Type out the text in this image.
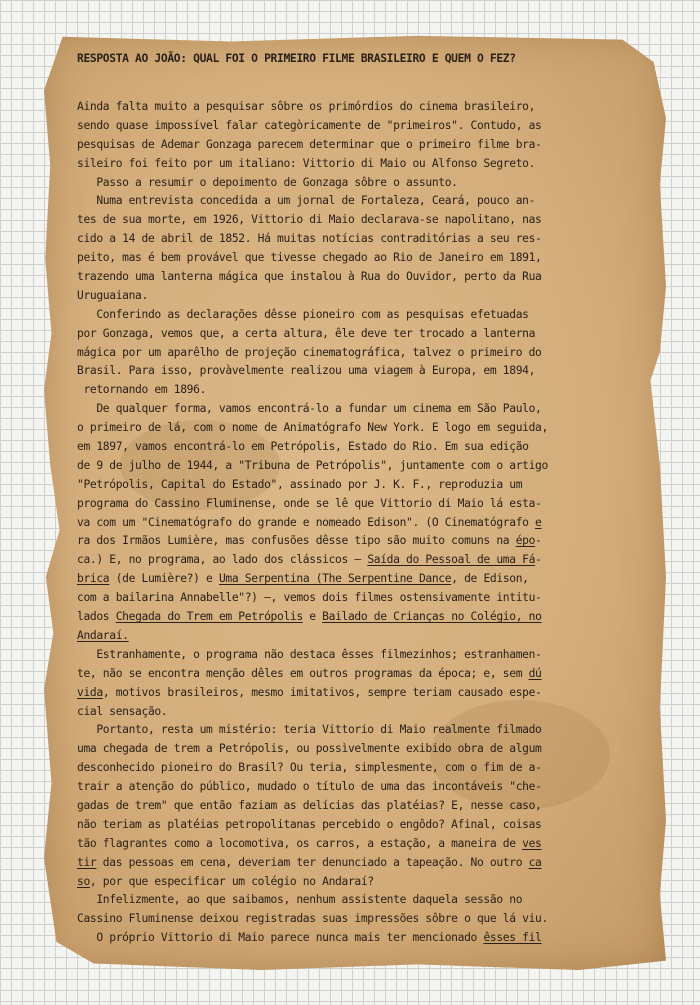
RESPOSTA AO JOÃO: QUAL FOI O PRIMEIRO FILME BRASILEIRO E QUEM O FEZ?

Ainda falta muito a pesquisar sôbre os primórdios do cinema brasileiro,
sendo quase impossível falar categòricamente de "primeiros". Contudo, as
pesquisas de Ademar Gonzaga parecem determinar que o primeiro filme bra-
sileiro foi feito por um italiano: Vittorio di Maio ou Alfonso Segreto.
Passo a resumir o depoimento de Gonzaga sôbre o assunto.
Numa entrevista concedida a um jornal de Fortaleza, Ceará, pouco an-
tes de sua morte, em 1926, Vittorio di Maio declarava-se napolitano, nas
cido a 14 de abril de 1852. Há muitas notícias contraditórias a seu res-
peito, mas é bem provável que tivesse chegado ao Rio de Janeiro em 1891,
trazendo uma lanterna mágica que instalou à Rua do Ouvidor, perto da Rua
Uruguaiana.
Conferindo as declarações dêsse pioneiro com as pesquisas efetuadas
por Gonzaga, vemos que, a certa altura, êle deve ter trocado a lanterna
mágica por um aparêlho de projeção cinematográfica, talvez o primeiro do
Brasil. Para isso, provàvelmente realizou uma viagem à Europa, em 1894,
retornando em 1896.
De qualquer forma, vamos encontrá-lo a fundar um cinema em São Paulo,
o primeiro de lá, com o nome de Animatógrafo New York. E logo em seguida,
em 1897, vamos encontrá-lo em Petrópolis, Estado do Rio. Em sua edição
de 9 de julho de 1944, a "Tribuna de Petrópolis", juntamente com o artigo
"Petrópolis, Capital do Estado", assinado por J. K. F., reproduzia um
programa do Cassino Fluminense, onde se lê que Vittorio di Maio lá esta-
va com um "Cinematógrafo do grande e nomeado Edison". (O Cinematógrafo e
ra dos Irmãos Lumière, mas confusões dêsse tipo são muito comuns na épo-
ca.) E, no programa, ao lado dos clássicos — Saída do Pessoal de uma Fá-
brica (de Lumière?) e Uma Serpentina (The Serpentine Dance, de Edison,
com a bailarina Annabelle"?) —, vemos dois filmes ostensivamente intitu-
lados Chegada do Trem em Petrópolis e Bailado de Crianças no Colégio, no
Andaraí.
Estranhamente, o programa não destaca êsses filmezinhos; estranhamen-
te, não se encontra menção dêles em outros programas da época; e, sem dú
vida, motivos brasileiros, mesmo imitativos, sempre teriam causado espe-
cial sensação.
Portanto, resta um mistério: teria Vittorio di Maio realmente filmado
uma chegada de trem a Petrópolis, ou possìvelmente exibido obra de algum
desconhecido pioneiro do Brasil? Ou teria, simplesmente, com o fim de a-
trair a atenção do público, mudado o título de uma das incontáveis "che-
gadas de trem" que então faziam as delícias das platéias? E, nesse caso,
não teriam as platéias petropolitanas percebido o engôdo? Afinal, coisas
tão flagrantes como a locomotiva, os carros, a estação, a maneira de ves
tir das pessoas em cena, deveriam ter denunciado a tapeação. No outro ca
so, por que especificar um colégio no Andaraí?
Infelizmente, ao que saibamos, nenhum assistente daquela sessão no
Cassino Fluminense deixou registradas suas impressões sôbre o que lá viu.
O próprio Vittorio di Maio parece nunca mais ter mencionado êsses fil
